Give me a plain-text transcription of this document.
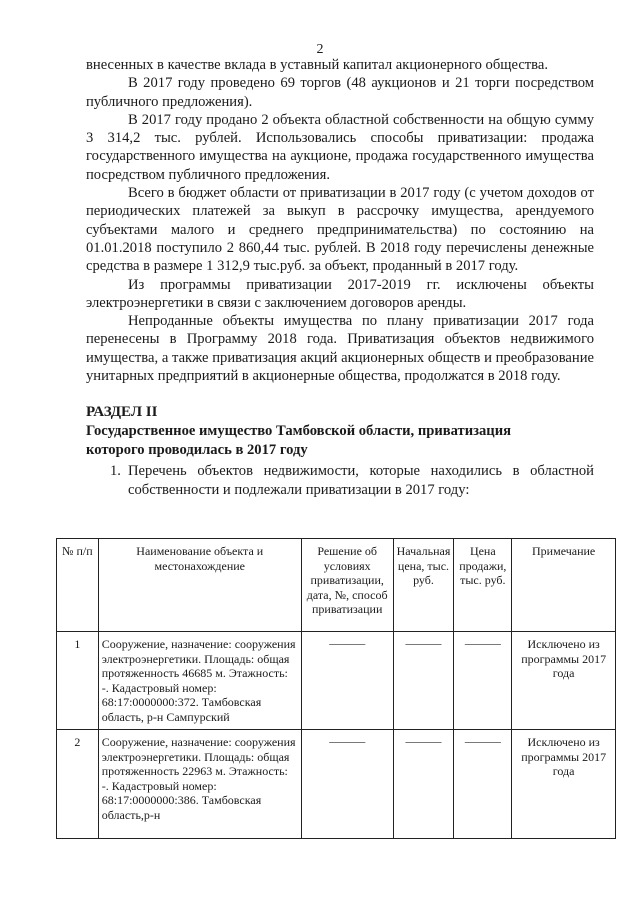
2

внесенных в качестве вклада в уставный капитал акционерного общества.

В 2017 году проведено 69 торгов (48 аукционов и 21 торги посредством публичного предложения).

В 2017 году продано 2 объекта областной собственности на общую сумму 3 314,2 тыс. рублей. Использовались способы приватизации: продажа государственного имущества на аукционе, продажа государственного имущества посредством публичного предложения.

Всего в бюджет области от приватизации в 2017 году (с учетом доходов от периодических платежей за выкуп в рассрочку имущества, арендуемого субъектами малого и среднего предпринимательства) по состоянию на 01.01.2018 поступило 2 860,44 тыс. рублей. В 2018 году перечислены денежные средства в размере 1 312,9 тыс.руб. за объект, проданный в 2017 году.

Из программы приватизации 2017-2019 гг. исключены объекты электроэнергетики в связи с заключением договоров аренды.

Непроданные объекты имущества по плану приватизации 2017 года перенесены в Программу 2018 года. Приватизация объектов недвижимого имущества, а также приватизация акций акционерных обществ и преобразование унитарных предприятий в акционерные общества, продолжатся в 2018 году.

РАЗДЕЛ II

Государственное имущество Тамбовской области, приватизация

которого проводилась в 2017 году

1. Перечень объектов недвижимости, которые находились в областной собственности и подлежали приватизации в 2017 году:
№ п/п	Наименование объекта и местонахождение	Решение об условиях приватизации, дата, №, способ приватизации	Начальная цена, тыс. руб.	Цена продажи, тыс. руб.	Примечание
1	Сооружение, назначение: сооружения электроэнергетики. Площадь: общая протяженность 46685 м. Этажность: -. Кадастровый номер: 68:17:0000000:372. Тамбовская область, р-н Сампурский	———	———	———	Исключено из программы 2017 года
2	Сооружение, назначение: сооружения электроэнергетики. Площадь: общая протяженность 22963 м. Этажность: -. Кадастровый номер: 68:17:0000000:386. Тамбовская область,р-н	———	———	———	Исключено из программы 2017 года
